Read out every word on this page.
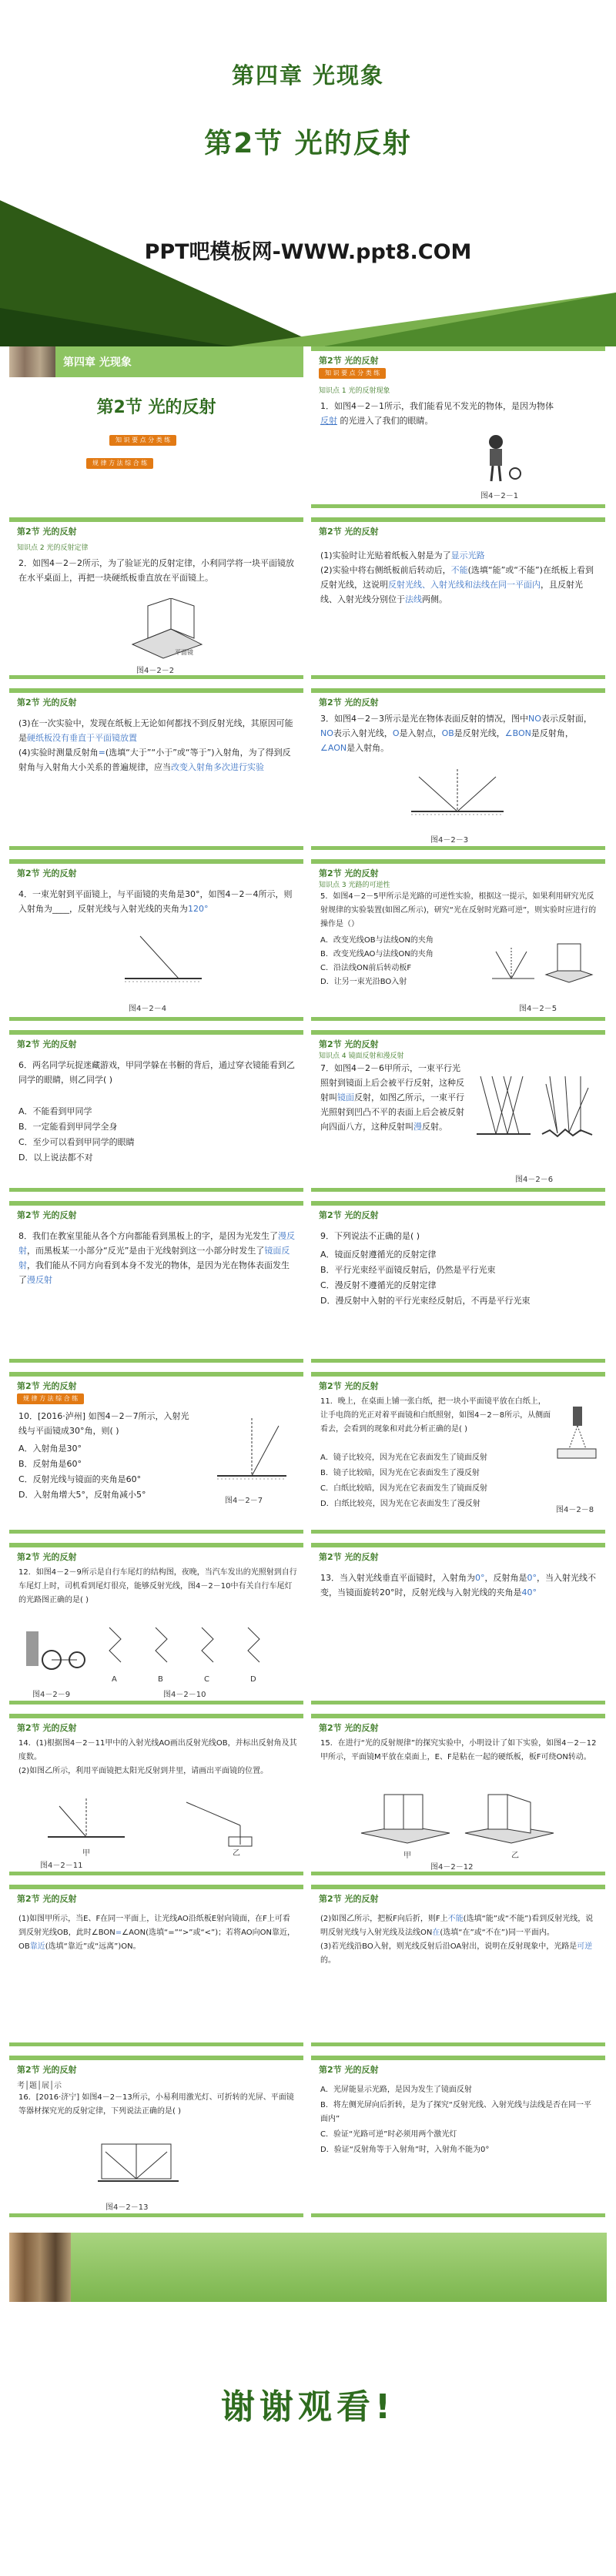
第四章 光现象
第2节 光的反射
PPT吧模板网-WWW.ppt8.COM
第四章 光现象
第2节 光的反射
知 识 要 点 分 类 练
规 律 方 法 综 合 练
第2节 光的反射
知 识 要 点 分 类 练
知识点 1 光的反射现象
1．如图4－2－1所示，我们能看见不发光的物体，是因为物体
反射 的光进入了我们的眼睛。
图4－2－1
第2节 光的反射
知识点 2 光的反射定律
2．如图4－2－2所示，为了验证光的反射定律，小利同学将一块平面镜放在水平桌面上，再把一块硬纸板垂直放在平面镜上。
平面镜
图4－2－2
第2节 光的反射
(1)实验时让光贴着纸板入射是为了显示光路
(2)实验中将右侧纸板前后转动后，不能(选填“能”或“不能”)在纸板上看到反射光线，这说明反射光线、入射光线和法线在同一平面内，且反射光线、入射光线分别位于法线两侧。
第2节 光的反射
(3)在一次实验中，发现在纸板上无论如何都找不到反射光线，其原因可能是硬纸板没有垂直于平面镜放置
(4)实验时测量反射角=(选填“大于”“小于”或“等于”)入射角，为了得到反射角与入射角大小关系的普遍规律，应当改变入射角多次进行实验
第2节 光的反射
3．如图4－2－3所示是光在物体表面反射的情况，图中NO表示反射面，NO表示入射光线，O是入射点，OB是反射光线，∠BON是反射角，∠AON是入射角。
图4－2－3
第2节 光的反射
4．一束光射到平面镜上，与平面镜的夹角是30°，如图4－2－4所示，则入射角为____，反射光线与入射光线的夹角为120°
图4－2－4
第2节 光的反射
知识点 3 光路的可逆性
5．如图4－2－5甲所示是光路的可逆性实验，根据这一提示，如果利用研究光反射规律的实验装置(如图乙所示)，研究“光在反射时光路可逆”，则实验时应进行的操作是（）
A．改变光线OB与法线ON的夹角
B．改变光线AO与法线ON的夹角
C．沿法线ON前后转动板F
D．让另一束光沿BO入射
图4－2－5
第2节 光的反射
6．两名同学玩捉迷藏游戏，甲同学躲在书橱的背后，通过穿衣镜能看到乙同学的眼睛，则乙同学( )
A．不能看到甲同学
B．一定能看到甲同学全身
C．至少可以看到甲同学的眼睛
D．以上说法都不对
第2节 光的反射
知识点 4 镜面反射和漫反射
7．如图4－2－6甲所示，一束平行光照射到镜面上后会被平行反射，这种反射叫镜面反射，如图乙所示，一束平行光照射到凹凸不平的表面上后会被反射向四面八方，这种反射叫漫反射。
图4－2－6
第2节 光的反射
8．我们在教室里能从各个方向都能看到黑板上的字，是因为光发生了漫反射，而黑板某一小部分“反光”是由于光线射到这一小部分时发生了镜面反射，我们能从不同方向看到本身不发光的物体，是因为光在物体表面发生了漫反射
第2节 光的反射
9．下列说法不正确的是( )
A．镜面反射遵循光的反射定律
B．平行光束经平面镜反射后，仍然是平行光束
C．漫反射不遵循光的反射定律
D．漫反射中入射的平行光束经反射后，不再是平行光束
第2节 光的反射
规 律 方 法 综 合 练
10．[2016·泸州] 如图4－2－7所示，入射光线与平面镜成30°角，则( )
A．入射角是30°
B．反射角是60°
C．反射光线与镜面的夹角是60°
D．入射角增大5°，反射角减小5°
图4－2－7
第2节 光的反射
11．晚上，在桌面上铺一张白纸，把一块小平面镜平放在白纸上，让手电筒的光正对着平面镜和白纸照射，如图4－2－8所示，从侧面看去，会看到的现象和对此分析正确的是( )
A．镜子比较亮，因为光在它表面发生了镜面反射
B．镜子比较暗，因为光在它表面发生了漫反射
C．白纸比较暗，因为光在它表面发生了镜面反射
D．白纸比较亮，因为光在它表面发生了漫反射
图4－2－8
第2节 光的反射
12．如图4－2－9所示是自行车尾灯的结构图，夜晚，当汽车发出的光照射到自行车尾灯上时，司机看到尾灯很亮，能够反射光线，图4－2－10中有关自行车尾灯的光路图正确的是( )
A	B	C	D
图4－2－9	图4－2－10
第2节 光的反射
13．当入射光线垂直平面镜时，入射角为0°，反射角是0°，当入射光线不变，当镜面旋转20°时，反射光线与入射光线的夹角是40°
第2节 光的反射
14．(1)根据图4－2－11甲中的入射光线AO画出反射光线OB，并标出反射角及其度数。
(2)如图乙所示，利用平面镜把太阳光反射到井里，请画出平面镜的位置。
甲	乙
图4－2－11
第2节 光的反射
15．在进行“光的反射规律”的探究实验中，小明设计了如下实验，如图4－2－12甲所示，平面镜M平放在桌面上，E、F是粘在一起的硬纸板，板F可绕ON转动。
甲	乙
图4－2－12
第2节 光的反射
(1)如图甲所示，当E、F在同一平面上，让光线AO沿纸板E射向镜面，在F上可看到反射光线OB，此时∠BON=∠AON(选填“=”“>”或“<”)；若将AO向ON靠近，OB靠近(选填“靠近”或“远离”)ON。
第2节 光的反射
(2)如图乙所示，把板F向后折，则F上不能(选填“能”或“不能”)看到反射光线，说明反射光线与入射光线及法线ON在(选填“在”或“不在”)同一平面内。
(3)若光线沿BO入射，则光线反射后沿OA射出，说明在反射现象中，光路是可逆的。
第2节 光的反射
考│题│展│示
16．[2016·济宁] 如图4－2－13所示，小易利用激光灯、可折转的光屏、平面镜等器材探究光的反射定律，下列说法正确的是( )
图4－2－13
第2节 光的反射
A．光屏能显示光路，是因为发生了镜面反射
B．将左侧光屏向后折转，是为了探究“反射光线、入射光线与法线是否在同一平面内”
C．验证“光路可逆”时必须用两个激光灯
D．验证“反射角等于入射角”时，入射角不能为0°
谢谢观看!
